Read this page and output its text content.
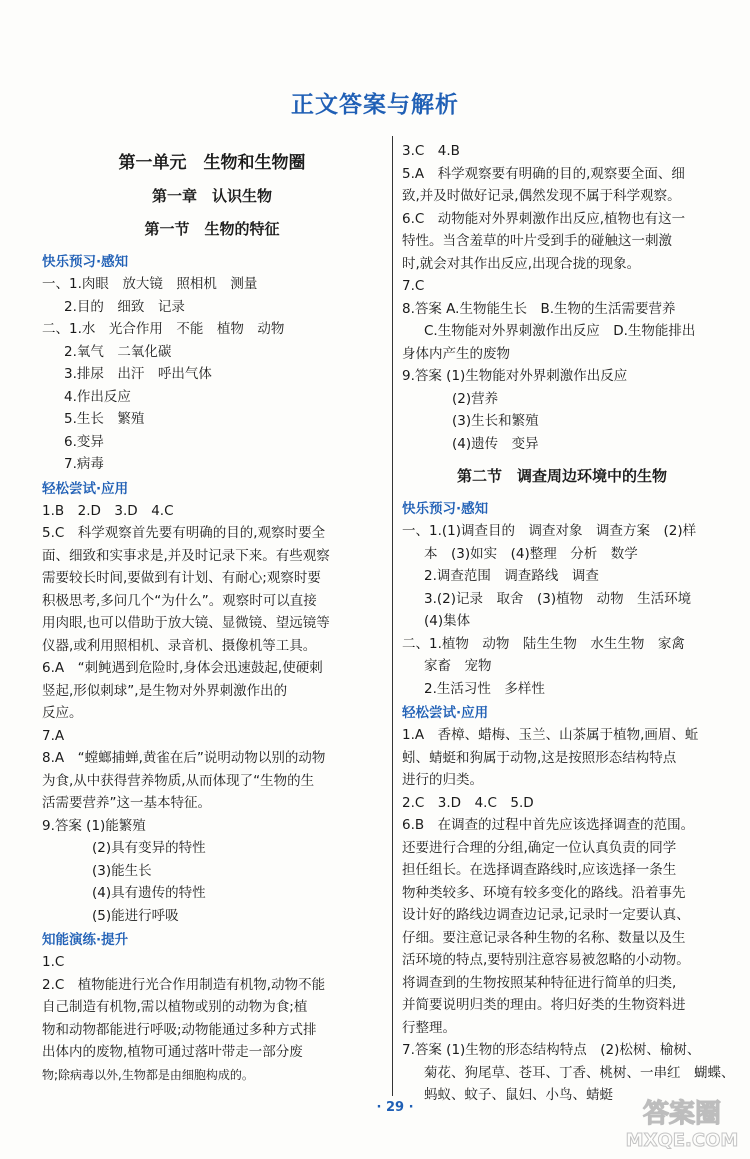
正文答案与解析
第一单元　生物和生物圈
第一章　认识生物
第一节　生物的特征
快乐预习·感知
一、1.肉眼　放大镜　照相机　测量
2.目的　细致　记录
二、1.水　光合作用　不能　植物　动物
2.氧气　二氧化碳
3.排尿　出汗　呼出气体
4.作出反应
5.生长　繁殖
6.变异
7.病毒
轻松尝试·应用
1.B　2.D　3.D　4.C
5.C　科学观察首先要有明确的目的,观察时要全
面、细致和实事求是,并及时记录下来。有些观察
需要较长时间,要做到有计划、有耐心;观察时要
积极思考,多问几个“为什么”。观察时可以直接
用肉眼,也可以借助于放大镜、显微镜、望远镜等
仪器,或利用照相机、录音机、摄像机等工具。
6.A　“刺鲀遇到危险时,身体会迅速鼓起,使硬刺
竖起,形似刺球”,是生物对外界刺激作出的
反应。
7.A
8.A　“螳螂捕蝉,黄雀在后”说明动物以别的动物
为食,从中获得营养物质,从而体现了“生物的生
活需要营养”这一基本特征。
9.答案 (1)能繁殖
(2)具有变异的特性
(3)能生长
(4)具有遗传的特性
(5)能进行呼吸
知能演练·提升
1.C
2.C　植物能进行光合作用制造有机物,动物不能
自己制造有机物,需以植物或别的动物为食;植
物和动物都能进行呼吸;动物能通过多种方式排
出体内的废物,植物可通过落叶带走一部分废
物;除病毒以外,生物都是由细胞构成的。
3.C　4.B
5.A　科学观察要有明确的目的,观察要全面、细
致,并及时做好记录,偶然发现不属于科学观察。
6.C　动物能对外界刺激作出反应,植物也有这一
特性。当含羞草的叶片受到手的碰触这一刺激
时,就会对其作出反应,出现合拢的现象。
7.C
8.答案 A.生物能生长　B.生物的生活需要营养
C.生物能对外界刺激作出反应　D.生物能排出
身体内产生的废物
9.答案 (1)生物能对外界刺激作出反应
(2)营养
(3)生长和繁殖
(4)遗传　变异
第二节　调查周边环境中的生物
快乐预习·感知
一、1.(1)调查目的　调查对象　调查方案　(2)样
本　(3)如实　(4)整理　分析　数学
2.调查范围　调查路线　调查
3.(2)记录　取舍　(3)植物　动物　生活环境
(4)集体
二、1.植物　动物　陆生生物　水生生物　家禽
家畜　宠物
2.生活习性　多样性
轻松尝试·应用
1.A　香樟、蜡梅、玉兰、山茶属于植物,画眉、蚯
蚓、蜻蜓和狗属于动物,这是按照形态结构特点
进行的归类。
2.C　3.D　4.C　5.D
6.B　在调查的过程中首先应该选择调查的范围。
还要进行合理的分组,确定一位认真负责的同学
担任组长。在选择调查路线时,应该选择一条生
物种类较多、环境有较多变化的路线。沿着事先
设计好的路线边调查边记录,记录时一定要认真、
仔细。要注意记录各种生物的名称、数量以及生
活环境的特点,要特别注意容易被忽略的小动物。
将调查到的生物按照某种特征进行简单的归类,
并简要说明归类的理由。将归好类的生物资料进
行整理。
7.答案 (1)生物的形态结构特点　(2)松树、榆树、
菊花、狗尾草、苍耳、丁香、桃树、一串红　蝴蝶、
蚂蚁、蚊子、鼠妇、小鸟、蜻蜓
· 29 ·	答案圈
MXQE.COM
